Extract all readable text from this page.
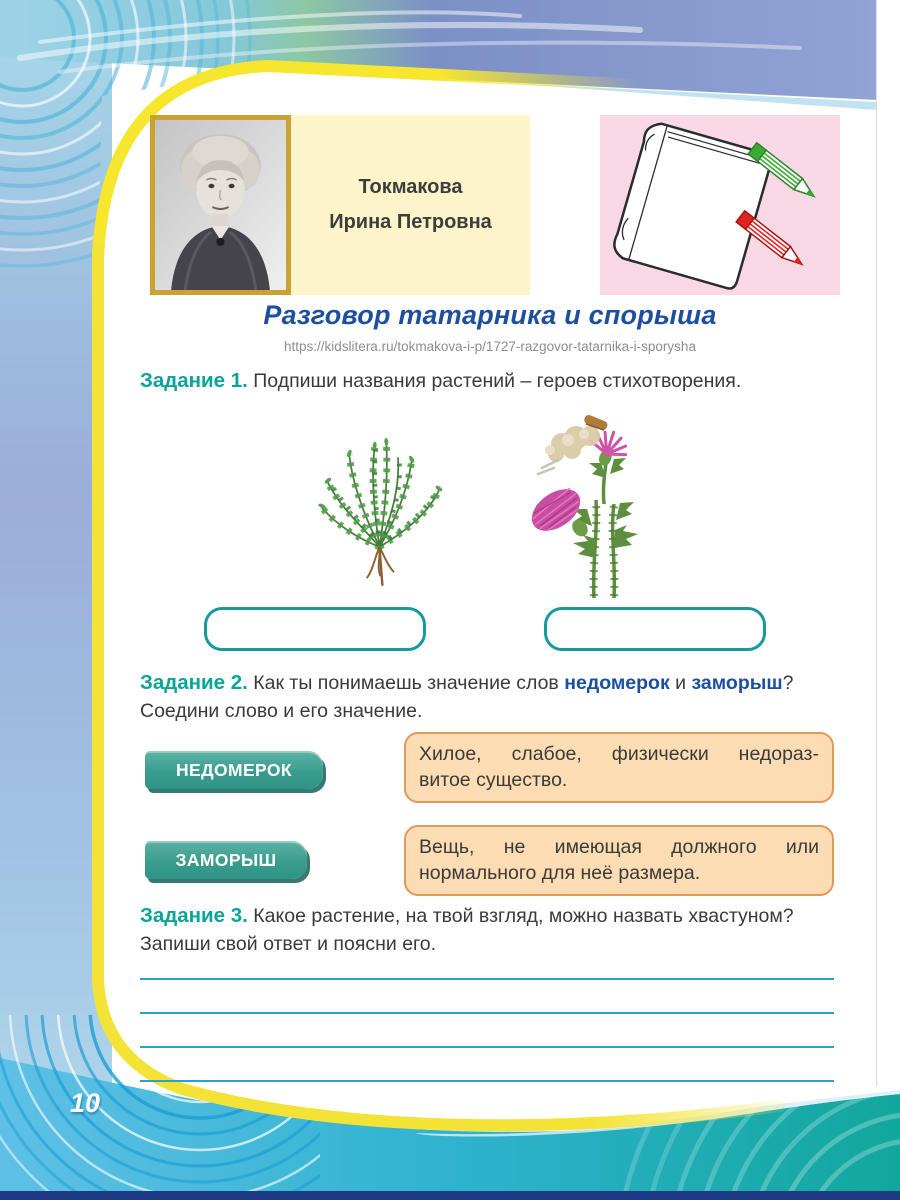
Токмакова
Ирина Петровна
Разговор татарника и спорыша
https://kidslitera.ru/tokmakova-i-p/1727-razgovor-tatarnika-i-sporysha
Задание 1. Подпиши названия растений – героев стихотворения.
Задание 2. Как ты понимаешь значение слов недомерок и заморыш?
Соедини слово и его значение.
НЕДОМЕРОК
ЗАМОРЫШ
Хилое, слабое, физически недораз-
витое существо.
Вещь, не имеющая должного или
нормального для неё размера.
Задание 3. Какое растение, на твой взгляд, можно назвать хвастуном? Запиши свой ответ и поясни его.
10
